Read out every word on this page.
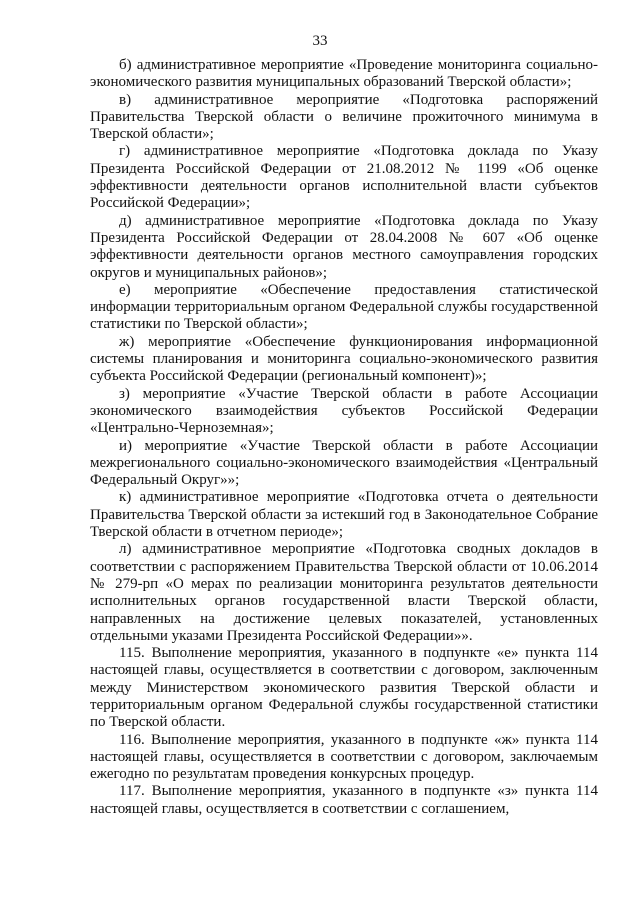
33

б) административное мероприятие «Проведение мониторинга социально-экономического развития муниципальных образований Тверской области»;

в) административное мероприятие «Подготовка распоряжений Правительства Тверской области о величине прожиточного минимума в Тверской области»;

г) административное мероприятие «Подготовка доклада по Указу Президента Российской Федерации от 21.08.2012 № 1199 «Об оценке эффективности деятельности органов исполнительной власти субъектов Российской Федерации»;

д) административное мероприятие «Подготовка доклада по Указу Президента Российской Федерации от 28.04.2008 № 607 «Об оценке эффективности деятельности органов местного самоуправления городских округов и муниципальных районов»;

е) мероприятие «Обеспечение предоставления статистической информации территориальным органом Федеральной службы государственной статистики по Тверской области»;

ж) мероприятие «Обеспечение функционирования информационной системы планирования и мониторинга социально-экономического развития субъекта Российской Федерации (региональный компонент)»;

з) мероприятие «Участие Тверской области в работе Ассоциации экономического взаимодействия субъектов Российской Федерации «Центрально-Черноземная»;

и) мероприятие «Участие Тверской области в работе Ассоциации межрегионального социально-экономического взаимодействия «Центральный Федеральный Округ»»;

к) административное мероприятие «Подготовка отчета о деятельности Правительства Тверской области за истекший год в Законодательное Собрание Тверской области в отчетном периоде»;

л) административное мероприятие «Подготовка сводных докладов в соответствии с распоряжением Правительства Тверской области от 10.06.2014 № 279-рп «О мерах по реализации мониторинга результатов деятельности исполнительных органов государственной власти Тверской области, направленных на достижение целевых показателей, установленных отдельными указами Президента Российской Федерации»».

115. Выполнение мероприятия, указанного в подпункте «е» пункта 114 настоящей главы, осуществляется в соответствии с договором, заключенным между Министерством экономического развития Тверской области и территориальным органом Федеральной службы государственной статистики по Тверской области.

116. Выполнение мероприятия, указанного в подпункте «ж» пункта 114 настоящей главы, осуществляется в соответствии с договором, заключаемым ежегодно по результатам проведения конкурсных процедур.

117. Выполнение мероприятия, указанного в подпункте «з» пункта 114 настоящей главы, осуществляется в соответствии с соглашением,
